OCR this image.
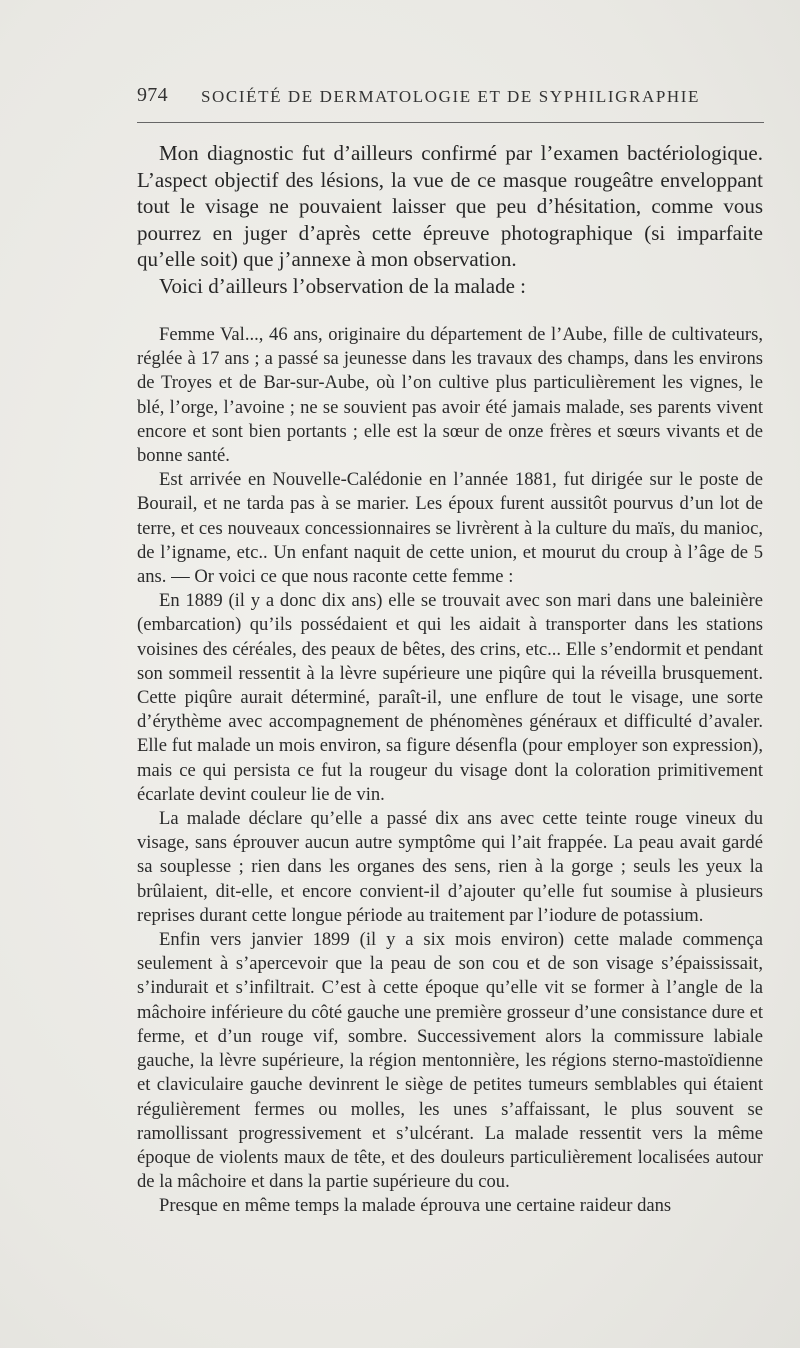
974 SOCIÉTÉ DE DERMATOLOGIE ET DE SYPHILIGRAPHIE

Mon diagnostic fut d’ailleurs confirmé par l’examen bactériologique. L’aspect objectif des lésions, la vue de ce masque rougeâtre enveloppant tout le visage ne pouvaient laisser que peu d’hésitation, comme vous pourrez en juger d’après cette épreuve photographique (si imparfaite qu’elle soit) que j’annexe à mon observation.

Voici d’ailleurs l’observation de la malade :

Femme Val..., 46 ans, originaire du département de l’Aube, fille de cultivateurs, réglée à 17 ans ; a passé sa jeunesse dans les travaux des champs, dans les environs de Troyes et de Bar-sur-Aube, où l’on cultive plus particulièrement les vignes, le blé, l’orge, l’avoine ; ne se souvient pas avoir été jamais malade, ses parents vivent encore et sont bien portants ; elle est la sœur de onze frères et sœurs vivants et de bonne santé.

Est arrivée en Nouvelle-Calédonie en l’année 1881, fut dirigée sur le poste de Bourail, et ne tarda pas à se marier. Les époux furent aussitôt pourvus d’un lot de terre, et ces nouveaux concessionnaires se livrèrent à la culture du maïs, du manioc, de l’igname, etc.. Un enfant naquit de cette union, et mourut du croup à l’âge de 5 ans. — Or voici ce que nous raconte cette femme :

En 1889 (il y a donc dix ans) elle se trouvait avec son mari dans une baleinière (embarcation) qu’ils possédaient et qui les aidait à transporter dans les stations voisines des céréales, des peaux de bêtes, des crins, etc... Elle s’endormit et pendant son sommeil ressentit à la lèvre supérieure une piqûre qui la réveilla brusquement. Cette piqûre aurait déterminé, paraît-il, une enflure de tout le visage, une sorte d’érythème avec accompagnement de phénomènes généraux et difficulté d’avaler. Elle fut malade un mois environ, sa figure désenfla (pour employer son expression), mais ce qui persista ce fut la rougeur du visage dont la coloration primitivement écarlate devint couleur lie de vin.

La malade déclare qu’elle a passé dix ans avec cette teinte rouge vineux du visage, sans éprouver aucun autre symptôme qui l’ait frappée. La peau avait gardé sa souplesse ; rien dans les organes des sens, rien à la gorge ; seuls les yeux la brûlaient, dit-elle, et encore convient-il d’ajouter qu’elle fut soumise à plusieurs reprises durant cette longue période au traitement par l’iodure de potassium.

Enfin vers janvier 1899 (il y a six mois environ) cette malade commença seulement à s’apercevoir que la peau de son cou et de son visage s’épaississait, s’indurait et s’infiltrait. C’est à cette époque qu’elle vit se former à l’angle de la mâchoire inférieure du côté gauche une première grosseur d’une consistance dure et ferme, et d’un rouge vif, sombre. Successivement alors la commissure labiale gauche, la lèvre supérieure, la région mentonnière, les régions sterno-mastoïdienne et claviculaire gauche devinrent le siège de petites tumeurs semblables qui étaient régulièrement fermes ou molles, les unes s’affaissant, le plus souvent se ramollissant progressivement et s’ulcérant. La malade ressentit vers la même époque de violents maux de tête, et des douleurs particulièrement localisées autour de la mâchoire et dans la partie supérieure du cou.

Presque en même temps la malade éprouva une certaine raideur dans
